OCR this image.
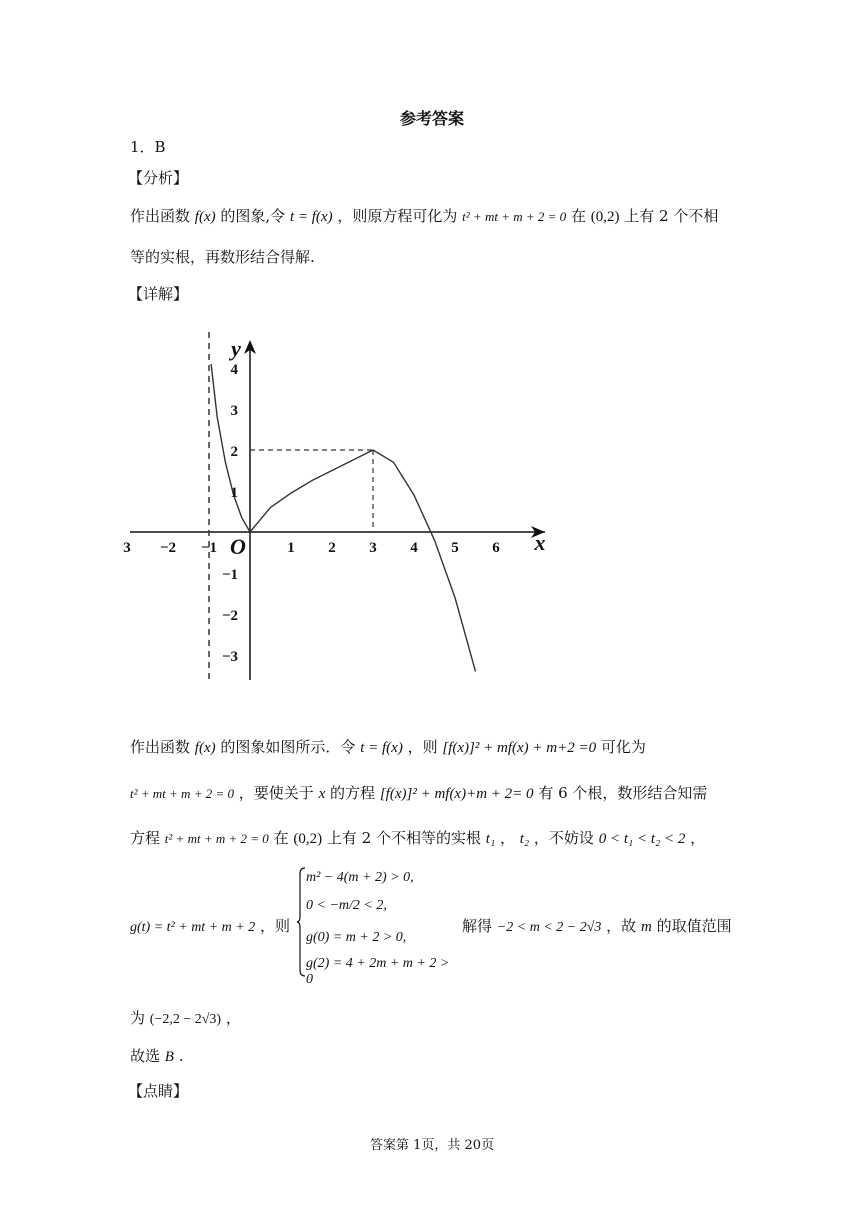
参考答案
1．B
【分析】
作出函数 f(x) 的图象,令 t = f(x) ，则原方程可化为 t² + mt + m + 2 = 0 在 (0,2) 上有 2 个不相
等的实根，再数形结合得解.
【详解】
3 −2 −1	1 2 3 4 5 6
4
3
2
1
−1
−2
−3
O	x
y
作出函数 f(x) 的图象如图所示．令 t = f(x) ，则 [f(x)]² + mf(x) + m+2 =0 可化为
t² + mt + m + 2 = 0 ，要使关于 x 的方程 [f(x)]² + mf(x)+m + 2= 0 有 6 个根，数形结合知需
方程 t² + mt + m + 2 = 0 在 (0,2) 上有 2 个不相等的实根 t₁ ， t₂ ，不妨设 0 < t₁ < t₂ < 2 ，
g(t) = t² + mt + m + 2 ，则
m² − 4(m + 2) > 0,
0 < −m/2 < 2,
g(0) = m + 2 > 0,
g(2) = 4 + 2m + m + 2 > 0
解得 −2 < m < 2 − 2√3 ，故 m 的取值范围
为 (−2,2 − 2√3) ，
故选 B .
【点睛】
答案第 1页，共 20页
